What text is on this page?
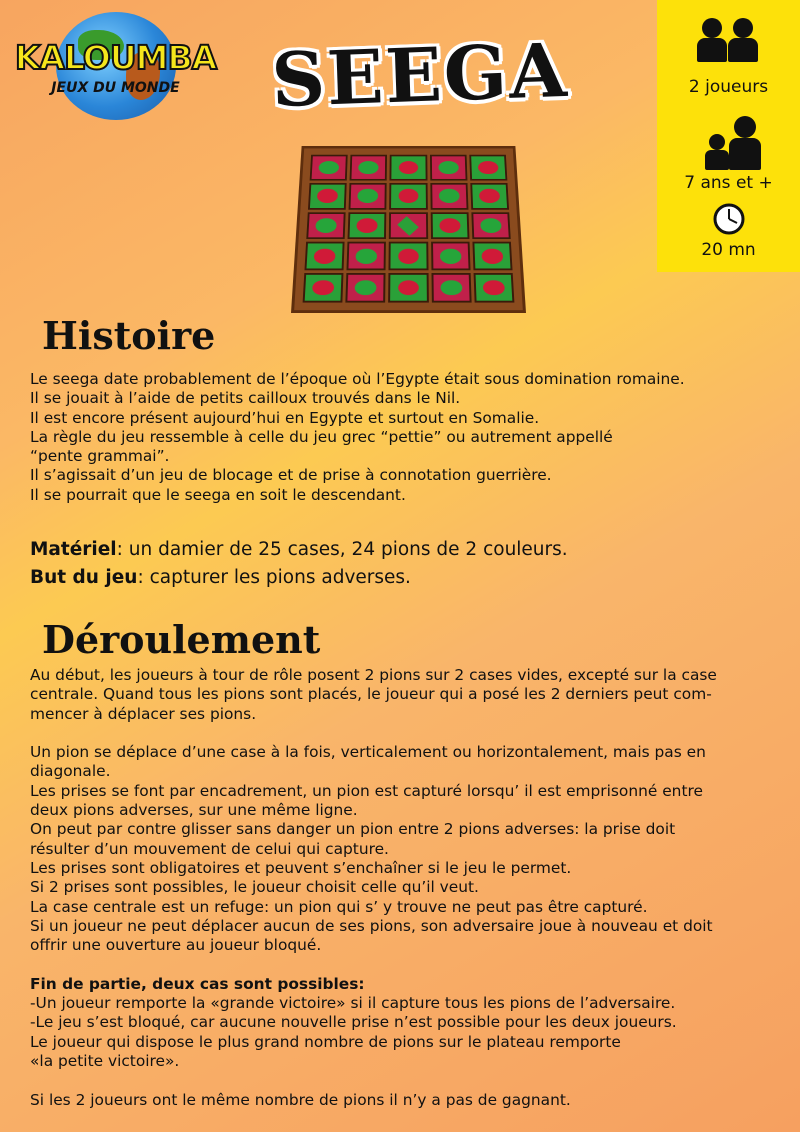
KALOUMBA
JEUX DU MONDE	SEEGA	2 joueurs
7 ans et +
20 mn
Histoire
Le seega date probablement de l’époque où l’Egypte était sous domination romaine.
Il se jouait à l’aide de petits cailloux trouvés dans le Nil.
Il est encore présent aujourd’hui en Egypte et surtout en Somalie.
La règle du jeu ressemble à celle du jeu grec “pettie” ou autrement appellé
“pente grammai”.
Il s’agissait d’un jeu de blocage et de prise à connotation guerrière.
Il se pourrait que le seega en soit le descendant.
Matériel: un damier de 25 cases, 24 pions de 2 couleurs.
But du jeu: capturer les pions adverses.
Déroulement
Au début, les joueurs à tour de rôle posent 2 pions sur 2 cases vides, excepté sur la case
centrale. Quand tous les pions sont placés, le joueur qui a posé les 2 derniers peut com-
mencer à déplacer ses pions.

Un pion se déplace d’une case à la fois, verticalement ou horizontalement, mais pas en
diagonale.
Les prises se font par encadrement, un pion est capturé lorsqu’ il est emprisonné entre
deux pions adverses, sur une même ligne.
On peut par contre glisser sans danger un pion entre 2 pions adverses: la prise doit
résulter d’un mouvement de celui qui capture.
Les prises sont obligatoires et peuvent s’enchaîner si le jeu le permet.
Si 2 prises sont possibles, le joueur choisit celle qu’il veut.
La case centrale est un refuge: un pion qui s’ y trouve ne peut pas être capturé.
Si un joueur ne peut déplacer aucun de ses pions, son adversaire joue à nouveau et doit
offrir une ouverture au joueur bloqué.

Fin de partie, deux cas sont possibles:
-Un joueur remporte la «grande victoire» si il capture tous les pions de l’adversaire.
-Le jeu s’est bloqué, car aucune nouvelle prise n’est possible pour les deux joueurs.
Le joueur qui dispose le plus grand nombre de pions sur le plateau remporte
«la petite victoire».

Si les 2 joueurs ont le même nombre de pions il n’y a pas de gagnant.
